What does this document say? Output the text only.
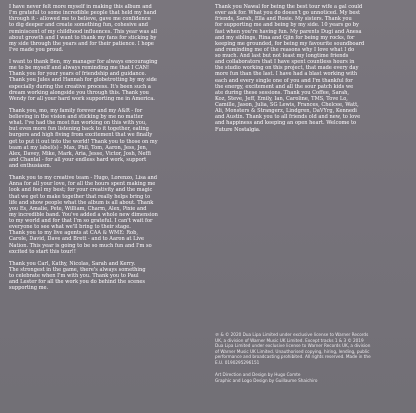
I have never felt more myself in making this album and
I'm grateful to some incredible people that held my hand
through it - allowed me to believe, gave me confidence
to dig deeper and create something fun, cohesive and
reminiscent of my childhood influences. This year was all
about growth and I want to thank my fans for sticking by
my side through the years and for their patience. I hope
I've made you proud.

I want to thank Ben, my manager for always encouraging
me to be myself and always reminding me that I CAN!
Thank you for your years of friendship and guidance.
Thank you Jules and Hannah for globetrotting by my side
especially during the creative process. It's been such a
dream working alongside you through this. Thank you
Wendy for all your hard work supporting me in America.

Thank you, mo, my family forever and my A&R - for
believing in the vision and sticking by me no matter
what. I've had the most fun working on this with you,
but even more fun listening back to it together, eating
burgers and high fiving from excitement that we finally
get to put it out into the world! Thank you to those on my
team at my label(s) - Max, Phil, Tom, Aaron, Jess, Jen,
Alex, Davey, Mike, Mark, Aria, Jesse, Victor, Josh, Neffi
and Chantal - for all your endless hard work, support
and enthusiasm.

Thank you to my creative team - Hugo, Lorenzo, Lisa and
Anna for all your love, for all the hours spent making me
look and feel my best; for your creativity and the magic
that we get to make together that really helps bring to
life and show people what the album is all about. Thank
you Es, Amalie, Pete, William, Charm, Alex, Pixie and
my incredible band. You've added a whole new dimension
to my world and for that I'm so grateful. I can't wait for
everyone to see what we'll bring to their stage.
Thank you to my live agents at CAA & WME: Rob,
Carole, David, Dave and Brett - and to Aaron at Live
Nation. This year is going to be so much fun and I'm so
excited to start this tour!!

Thank you Carl, Kathy, Nicolas, Sarah and Kerry.
The strongest in the game, there's always something
to celebrate when I'm with you. Thank you to Paul
and Lester for all the work you do behind the scenes
supporting me.

Thank you Nawal for being the best tour wife a gal could
ever ask for. What you do doesn't go unnoticed. My best
friends, Sarah, Ella and Rosie. My sisters. Thank you
for supporting me and being by my side. 10 years go by
fast when you're having fun. My parents Dugi and Anesa
and my siblings, Rina and Gjin for being my rocks, for
keeping me grounded, for being my favourite soundboard
and reminding me of the reasons why I love what I do
so much. And last but not least my longtime friends
and collaborators that I have spent countless hours in
the studio working on this project, that made every day
more fun than the last. I have had a blast working with
each and every single one of you and I'm thankful for
the energy, excitement and all the sour patch kids we
ate during these sessions. Thank you Coffee, Sarah,
Koz, Steve, Jeff, Emily, Ian, Caroline, TMS, Tove Lo,
Camille, Jason, Julia, SG Lewis, Frances, Chelcee, Watt,
Ali, Monsters & Strangerz, Lindgren, DaVYrg, Kennedi
and Austin. Thank you to all friends old and new, to love
and happiness and keeping an open heart. Welcome to
Future Nostalgia.

℗ & © 2020 Dua Lipa Limited under exclusive license to Warner Records
UK, a division of Warner Music UK Limited. Except tracks 1 & 3 © 2019
Dua Lipa Limited under exclusive license to Warner Records UK, a division
of Warner Music UK Limited. Unauthorised copying, hiring, lending, public
performance and broadcasting prohibited. All rights reserved. Made in the
E.U. 0190295296151

Art Direction and Design by Hugo Comte
Graphic and Logo Design by Guillaume Shaichiro
